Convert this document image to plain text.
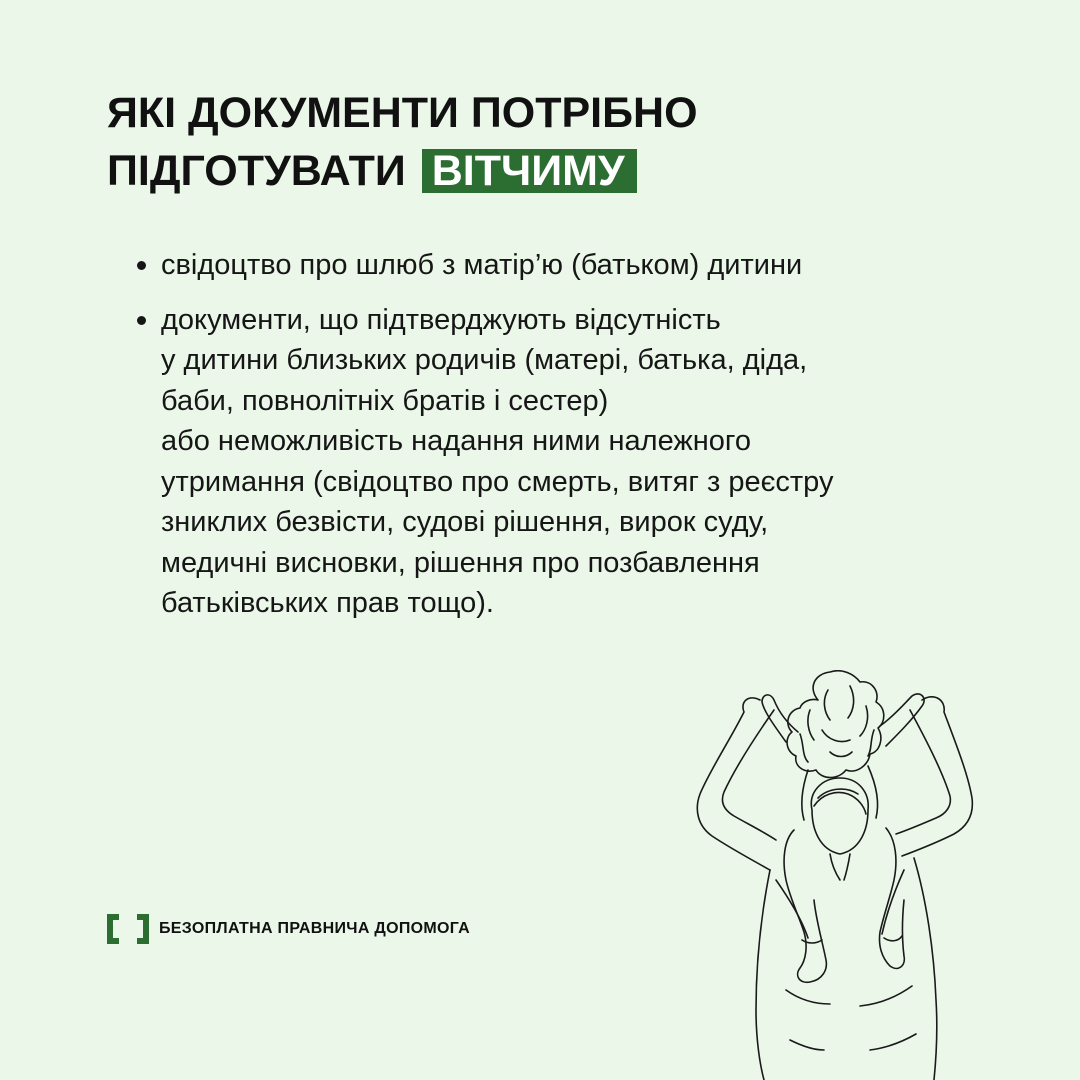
ЯКІ ДОКУМЕНТИ ПОТРІБНО
ПІДГОТУВАТИ ВІТЧИМУ
свідоцтво про шлюб з матір’ю (батьком) дитини
документи, що підтверджують відсутність
у дитини близьких родичів (матері, батька, діда,
баби, повнолітніх братів і сестер)
або неможливість надання ними належного
утримання (свідоцтво про смерть, витяг з реєстру
зниклих безвісти, судові рішення, вирок суду,
медичні висновки, рішення про позбавлення
батьківських прав тощо).
БЕЗОПЛАТНА ПРАВНИЧА ДОПОМОГА
